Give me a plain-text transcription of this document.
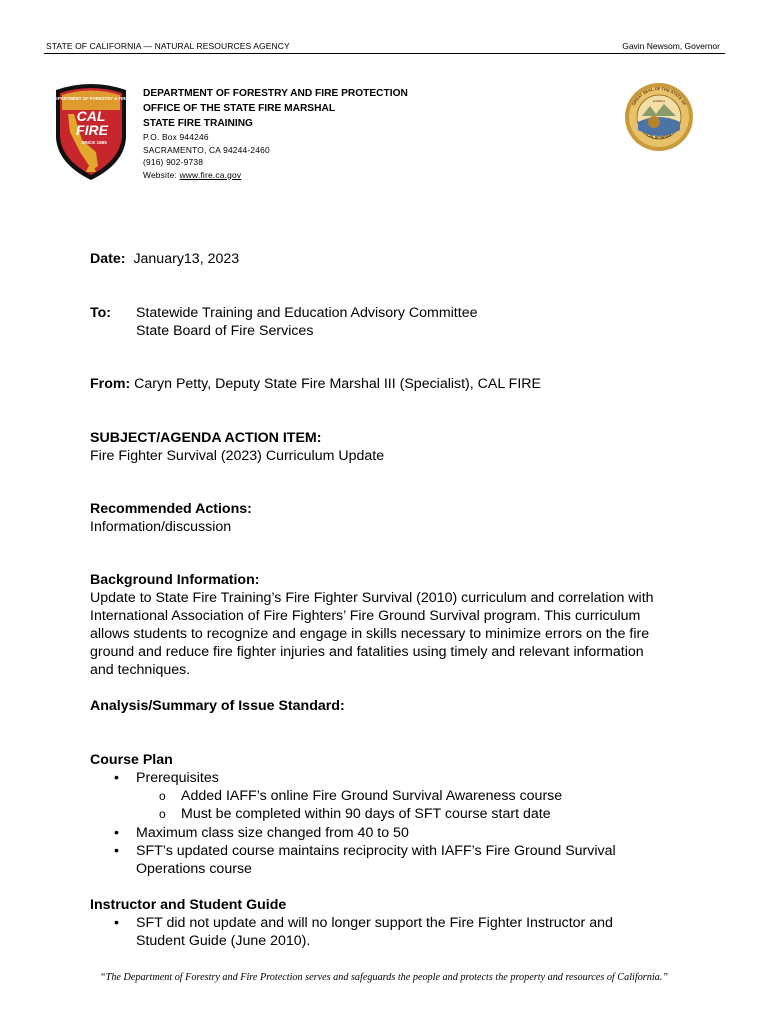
STATE OF CALIFORNIA — NATURAL RESOURCES AGENCY	Gavin Newsom, Governor
CALIFORNIA DEPARTMENT OF FORESTRY & FIRE PROTECTION
CAL
FIRE
SINCE 1885
DEPARTMENT OF FORESTRY AND FIRE PROTECTION
OFFICE OF THE STATE FIRE MARSHAL
STATE FIRE TRAINING
P.O. Box 944246
SACRAMENTO, CA 94244-2460
(916) 902-9738
Website: www.fire.ca.gov
GREAT SEAL OF THE STATE OF
CALIFORNIA
EUREKA
Date: January13, 2023
To: Statewide Training and Education Advisory Committee
State Board of Fire Services
From: Caryn Petty, Deputy State Fire Marshal III (Specialist), CAL FIRE
SUBJECT/AGENDA ACTION ITEM:
Fire Fighter Survival (2023) Curriculum Update
Recommended Actions:
Information/discussion
Background Information:
Update to State Fire Training’s Fire Fighter Survival (2010) curriculum and correlation with
International Association of Fire Fighters’ Fire Ground Survival program. This curriculum
allows students to recognize and engage in skills necessary to minimize errors on the fire
ground and reduce fire fighter injuries and fatalities using timely and relevant information
and techniques.
Analysis/Summary of Issue Standard:
Course Plan
• Prerequisites
o Added IAFF’s online Fire Ground Survival Awareness course
o Must be completed within 90 days of SFT course start date
• Maximum class size changed from 40 to 50
• SFT’s updated course maintains reciprocity with IAFF’s Fire Ground Survival
Operations course
Instructor and Student Guide
• SFT did not update and will no longer support the Fire Fighter Instructor and
Student Guide (June 2010).
“The Department of Forestry and Fire Protection serves and safeguards the people and protects the property and resources of California.”
